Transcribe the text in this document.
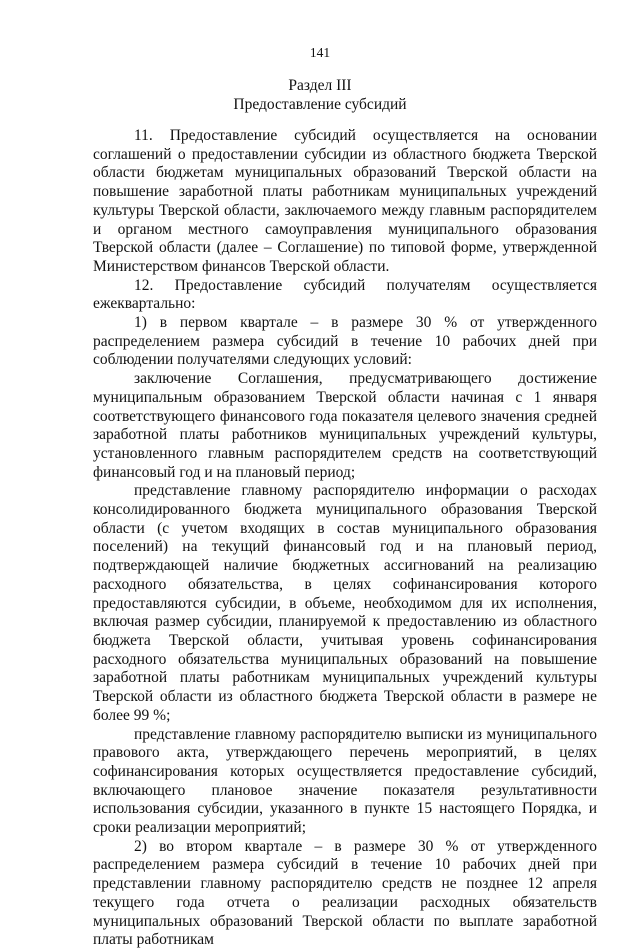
141
Раздел III
Предоставление субсидий

11. Предоставление субсидий осуществляется на основании соглашений о предоставлении субсидии из областного бюджета Тверской области бюджетам муниципальных образований Тверской области на повышение заработной платы работникам муниципальных учреждений культуры Тверской области, заключаемого между главным распорядителем и органом местного самоуправления муниципального образования Тверской области (далее – Соглашение) по типовой форме, утвержденной Министерством финансов Тверской области.

12. Предоставление субсидий получателям осуществляется ежеквартально:

1) в первом квартале – в размере 30 % от утвержденного распределением размера субсидий в течение 10 рабочих дней при соблюдении получателями следующих условий:

заключение Соглашения, предусматривающего достижение муниципальным образованием Тверской области начиная с 1 января соответствующего финансового года показателя целевого значения средней заработной платы работников муниципальных учреждений культуры, установленного главным распорядителем средств на соответствующий финансовый год и на плановый период;

представление главному распорядителю информации о расходах консолидированного бюджета муниципального образования Тверской области (с учетом входящих в состав муниципального образования поселений) на текущий финансовый год и на плановый период, подтверждающей наличие бюджетных ассигнований на реализацию расходного обязательства, в целях софинансирования которого предоставляются субсидии, в объеме, необходимом для их исполнения, включая размер субсидии, планируемой к предоставлению из областного бюджета Тверской области, учитывая уровень софинансирования расходного обязательства муниципальных образований на повышение заработной платы работникам муниципальных учреждений культуры Тверской области из областного бюджета Тверской области в размере не более 99 %;

представление главному распорядителю выписки из муниципального правового акта, утверждающего перечень мероприятий, в целях софинансирования которых осуществляется предоставление субсидий, включающего плановое значение показателя результативности использования субсидии, указанного в пункте 15 настоящего Порядка, и сроки реализации мероприятий;

2) во втором квартале – в размере 30 % от утвержденного распределением размера субсидий в течение 10 рабочих дней при представлении главному распорядителю средств не позднее 12 апреля текущего года отчета о реализации расходных обязательств муниципальных образований Тверской области по выплате заработной платы работникам
